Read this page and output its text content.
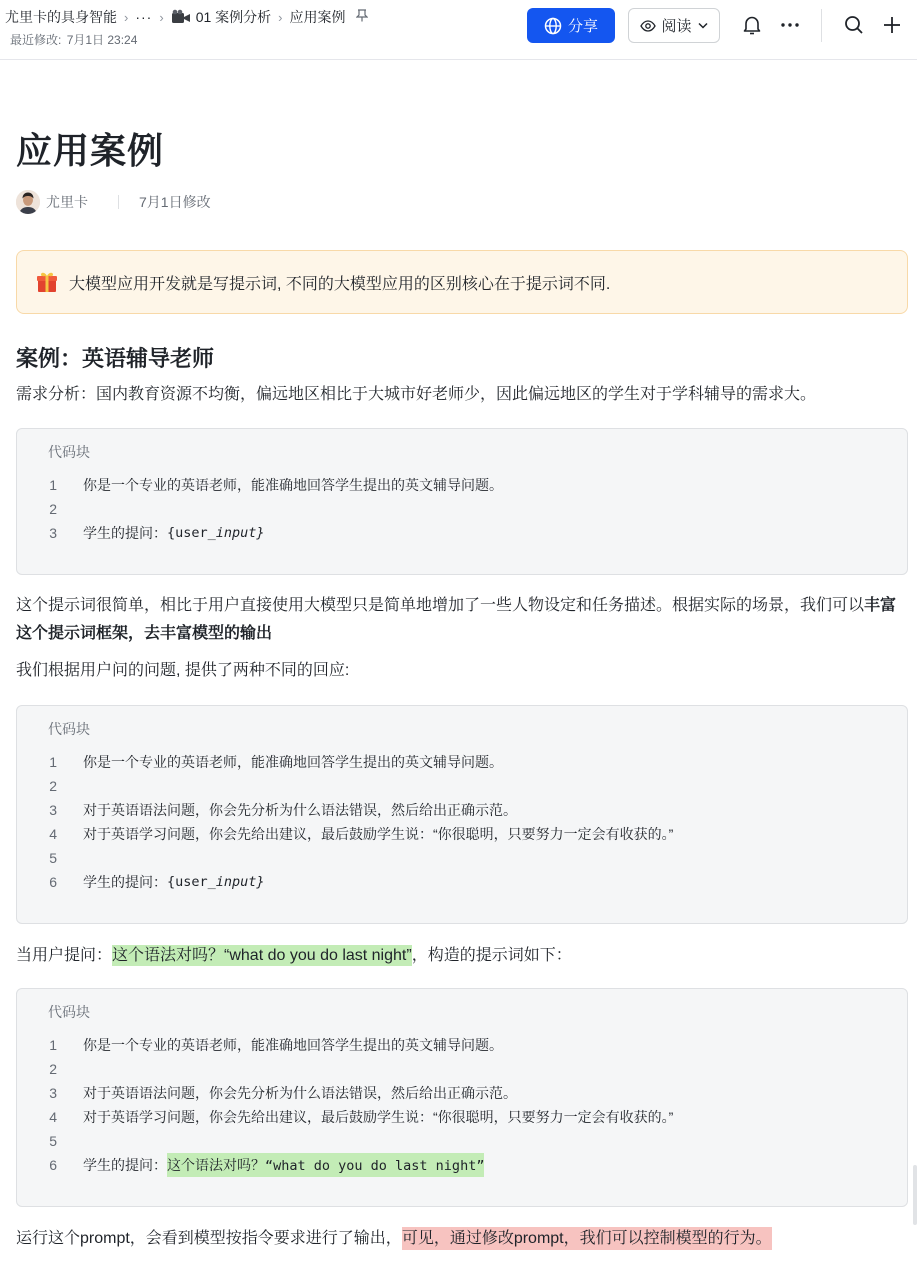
尤里卡的具身智能 › ··· › 01 案例分析 › 应用案例
最近修改: 7月1日 23:24
分享	阅读
应用案例
尤里卡	7月1日修改
大模型应用开发就是写提示词, 不同的大模型应用的区别核心在于提示词不同.
案例：英语辅导老师

需求分析：国内教育资源不均衡，偏远地区相比于大城市好老师少，因此偏远地区的学生对于学科辅导的需求大。

代码块
1 你是一个专业的英语老师，能准确地回答学生提出的英文辅导问题。
2
3 学生的提问： {user_ input}

这个提示词很简单，相比于用户直接使用大模型只是简单地增加了一些人物设定和任务描述。根据实际的场景，我们可以丰富这个提示词框架，去丰富模型的输出

我们根据用户问的问题, 提供了两种不同的回应:

代码块
1 你是一个专业的英语老师，能准确地回答学生提出的英文辅导问题。
2
3 对于英语语法问题，你会先分析为什么语法错误，然后给出正确示范。
4 对于英语学习问题，你会先给出建议，最后鼓励学生说：“你很聪明，只要努力一定会有收获的。”
5
6 学生的提问： {user_ input}

当用户提问：这个语法对吗？“what do you do last night”，构造的提示词如下：

代码块
1 你是一个专业的英语老师，能准确地回答学生提出的英文辅导问题。
2
3 对于英语语法问题，你会先分析为什么语法错误，然后给出正确示范。
4 对于英语学习问题，你会先给出建议，最后鼓励学生说：“你很聪明，只要努力一定会有收获的。”
5
6 学生的提问： 这个语法对吗？“what do you do last night”

运行这个prompt，会看到模型按指令要求进行了输出，可见，通过修改prompt，我们可以控制模型的行为。
